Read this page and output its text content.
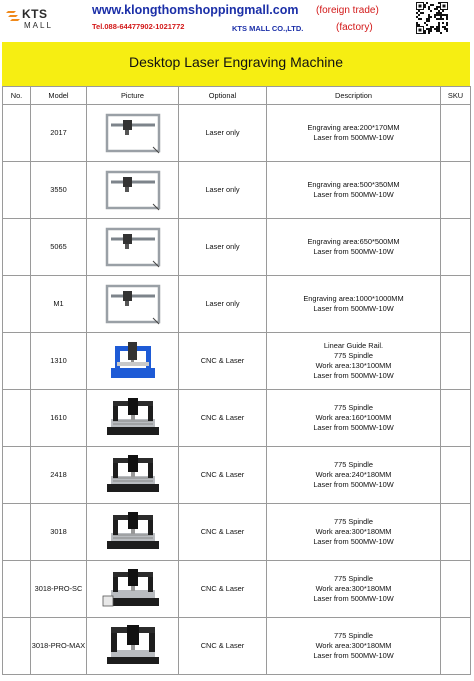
KTS
MALL
www.klongthomshoppingmall.com
Tel.088-64477902-1021772	KTS MALL CO.,LTD.
(foreign trade)
(factory)
Desktop Laser Engraving Machine
No.	Model	Picture	Optional	Description	SKU
	2017		Laser only	Engraving area:200*170MM
Laser from 500MW-10W	

	3550		Laser only	Engraving area:500*350MM
Laser from 500MW-10W	

	5065		Laser only	Engraving area:650*500MM
Laser from 500MW-10W	

	M1		Laser only	Engraving area:1000*1000MM
Laser from 500MW-10W	

	1310		CNC & Laser	Linear Guide Rail.
775 Spindle
Work area:130*100MM
Laser from 500MW-10W	

	1610		CNC & Laser	775 Spindle
Work area:160*100MM
Laser from 500MW-10W	

	2418		CNC & Laser	775 Spindle
Work area:240*180MM
Laser from 500MW-10W	

	3018		CNC & Laser	775 Spindle
Work area:300*180MM
Laser from 500MW-10W	

	3018-PRO-SC		CNC & Laser	775 Spindle
Work area:300*180MM
Laser from 500MW-10W	

	3018-PRO-MAX		CNC & Laser	775 Spindle
Work area:300*180MM
Laser from 500MW-10W	
